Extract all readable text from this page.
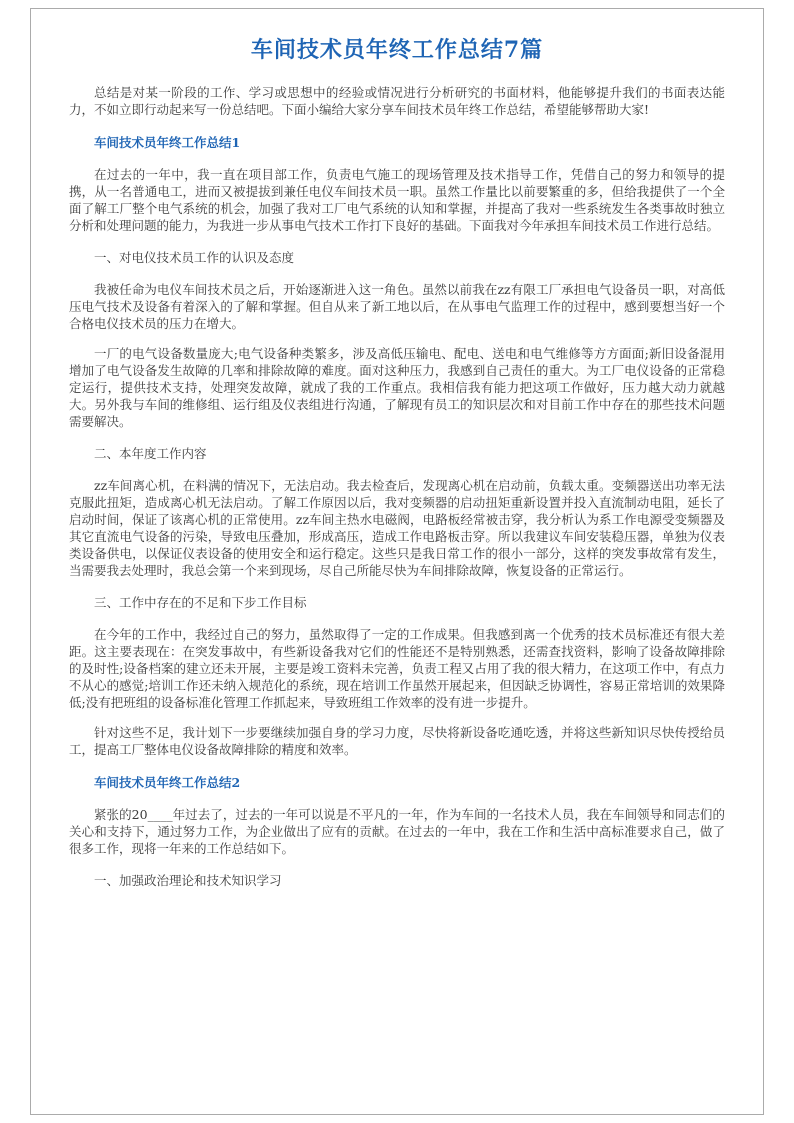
车间技术员年终工作总结7篇

总结是对某一阶段的工作、学习或思想中的经验或情况进行分析研究的书面材料，他能够提升我们的书面表达能力，不如立即行动起来写一份总结吧。下面小编给大家分享车间技术员年终工作总结，希望能够帮助大家!

车间技术员年终工作总结1

在过去的一年中，我一直在项目部工作，负责电气施工的现场管理及技术指导工作，凭借自己的努力和领导的提携，从一名普通电工，进而又被提拔到兼任电仪车间技术员一职。虽然工作量比以前要繁重的多，但给我提供了一个全面了解工厂整个电气系统的机会，加强了我对工厂电气系统的认知和掌握，并提高了我对一些系统发生各类事故时独立分析和处理问题的能力，为我进一步从事电气技术工作打下良好的基础。下面我对今年承担车间技术员工作进行总结。

一、对电仪技术员工作的认识及态度

我被任命为电仪车间技术员之后，开始逐渐进入这一角色。虽然以前我在zz有限工厂承担电气设备员一职，对高低压电气技术及设备有着深入的了解和掌握。但自从来了新工地以后，在从事电气监理工作的过程中，感到要想当好一个合格电仪技术员的压力在增大。

一厂的电气设备数量庞大;电气设备种类繁多，涉及高低压输电、配电、送电和电气维修等方方面面;新旧设备混用增加了电气设备发生故障的几率和排除故障的难度。面对这种压力，我感到自己责任的重大。为工厂电仪设备的正常稳定运行，提供技术支持，处理突发故障，就成了我的工作重点。我相信我有能力把这项工作做好，压力越大动力就越大。另外我与车间的维修组、运行组及仪表组进行沟通，了解现有员工的知识层次和对目前工作中存在的那些技术问题需要解决。

二、本年度工作内容

zz车间离心机，在料满的情况下，无法启动。我去检查后，发现离心机在启动前，负载太重。变频器送出功率无法克服此扭矩，造成离心机无法启动。了解工作原因以后，我对变频器的启动扭矩重新设置并投入直流制动电阻，延长了启动时间，保证了该离心机的正常使用。zz车间主热水电磁阀，电路板经常被击穿，我分析认为系工作电源受变频器及其它直流电气设备的污染，导致电压叠加，形成高压，造成工作电路板击穿。所以我建议车间安装稳压器，单独为仪表类设备供电，以保证仪表设备的使用安全和运行稳定。这些只是我日常工作的很小一部分，这样的突发事故常有发生，当需要我去处理时，我总会第一个来到现场，尽自己所能尽快为车间排除故障，恢复设备的正常运行。

三、工作中存在的不足和下步工作目标

在今年的工作中，我经过自己的努力，虽然取得了一定的工作成果。但我感到离一个优秀的技术员标准还有很大差距。这主要表现在：在突发事故中，有些新设备我对它们的性能还不是特别熟悉，还需查找资料，影响了设备故障排除的及时性;设备档案的建立还未开展，主要是竣工资料未完善，负责工程又占用了我的很大精力，在这项工作中，有点力不从心的感觉;培训工作还未纳入规范化的系统，现在培训工作虽然开展起来，但因缺乏协调性，容易正常培训的效果降低;没有把班组的设备标准化管理工作抓起来，导致班组工作效率的没有进一步提升。

针对这些不足，我计划下一步要继续加强自身的学习力度，尽快将新设备吃通吃透，并将这些新知识尽快传授给员工，提高工厂整体电仪设备故障排除的精度和效率。

车间技术员年终工作总结2

紧张的20____年过去了，过去的一年可以说是不平凡的一年，作为车间的一名技术人员，我在车间领导和同志们的关心和支持下，通过努力工作，为企业做出了应有的贡献。在过去的一年中，我在工作和生活中高标准要求自己，做了很多工作，现将一年来的工作总结如下。

一、加强政治理论和技术知识学习
